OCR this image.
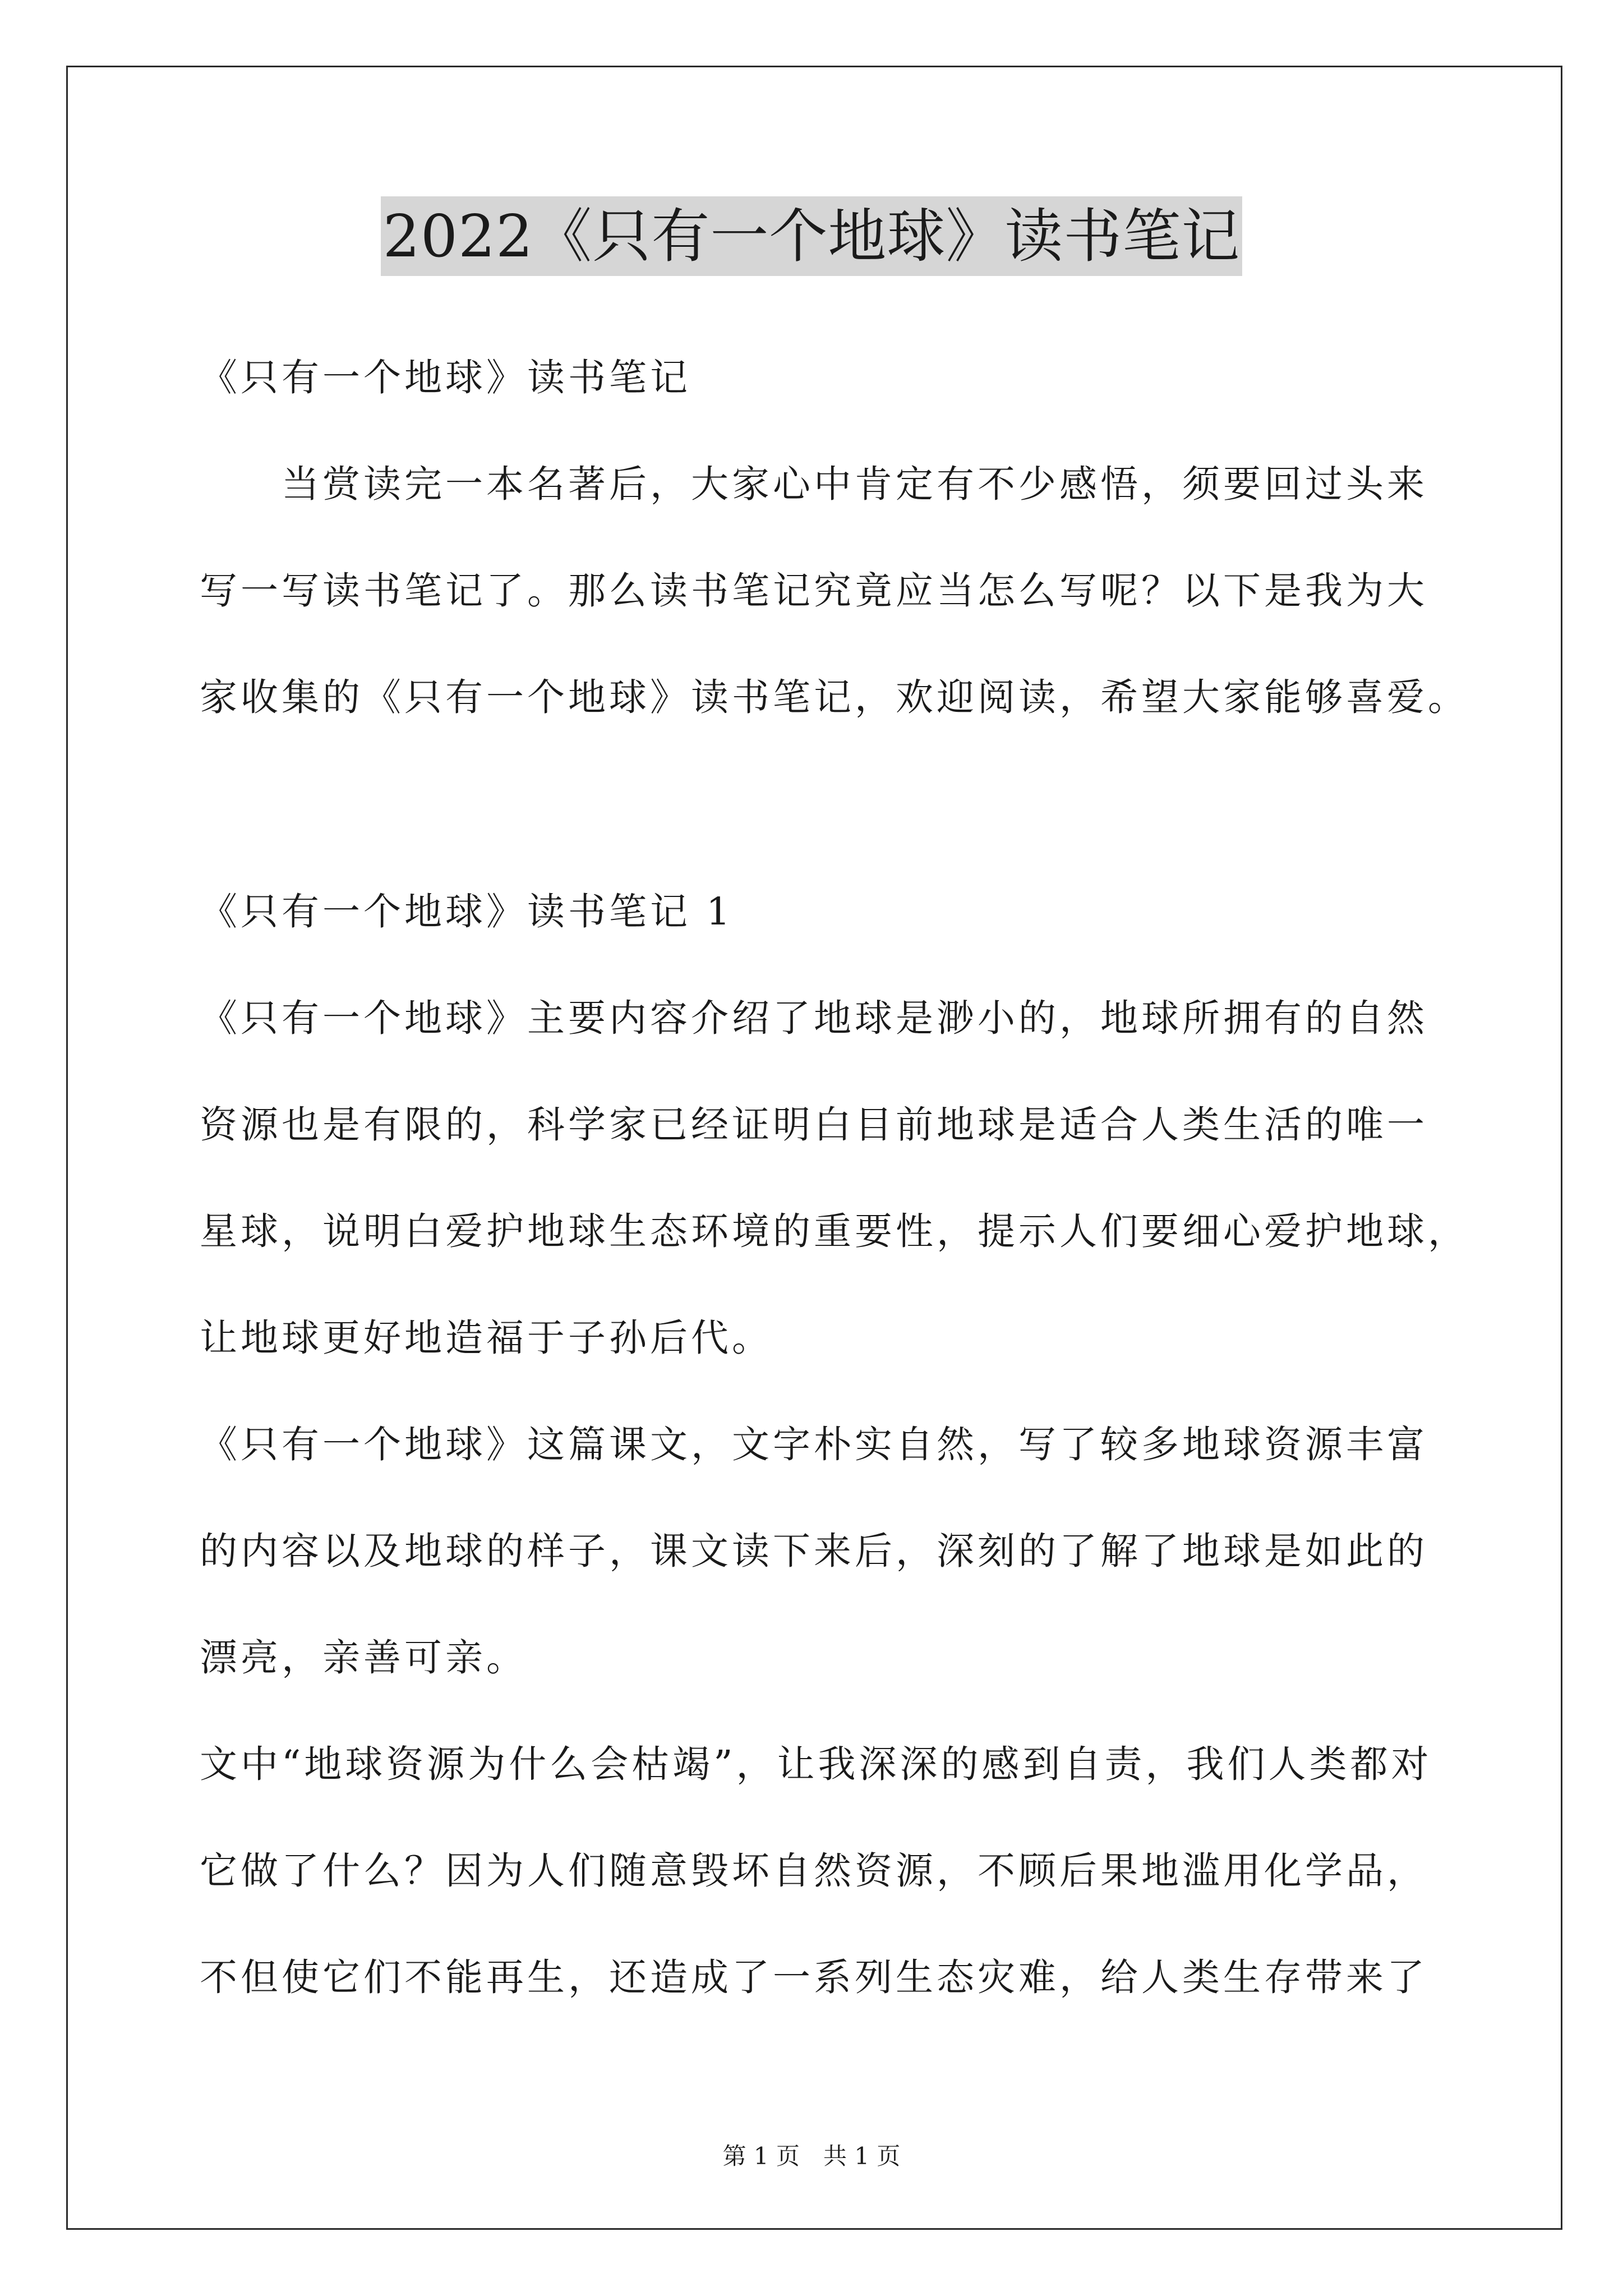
2022《只有一个地球》读书笔记
《只有一个地球》读书笔记
　　当赏读完一本名著后，大家心中肯定有不少感悟，须要回过头来
写一写读书笔记了。那么读书笔记究竟应当怎么写呢？以下是我为大
家收集的《只有一个地球》读书笔记，欢迎阅读，希望大家能够喜爱。
《只有一个地球》读书笔记 1
《只有一个地球》主要内容介绍了地球是渺小的，地球所拥有的自然
资源也是有限的，科学家已经证明白目前地球是适合人类生活的唯一
星球，说明白爱护地球生态环境的重要性，提示人们要细心爱护地球，
让地球更好地造福于子孙后代。
《只有一个地球》这篇课文，文字朴实自然，写了较多地球资源丰富
的内容以及地球的样子，课文读下来后，深刻的了解了地球是如此的
漂亮，亲善可亲。
文中“地球资源为什么会枯竭”，让我深深的感到自责，我们人类都对
它做了什么？因为人们随意毁坏自然资源，不顾后果地滥用化学品，
不但使它们不能再生，还造成了一系列生态灾难，给人类生存带来了
第 1 页　共 1 页
